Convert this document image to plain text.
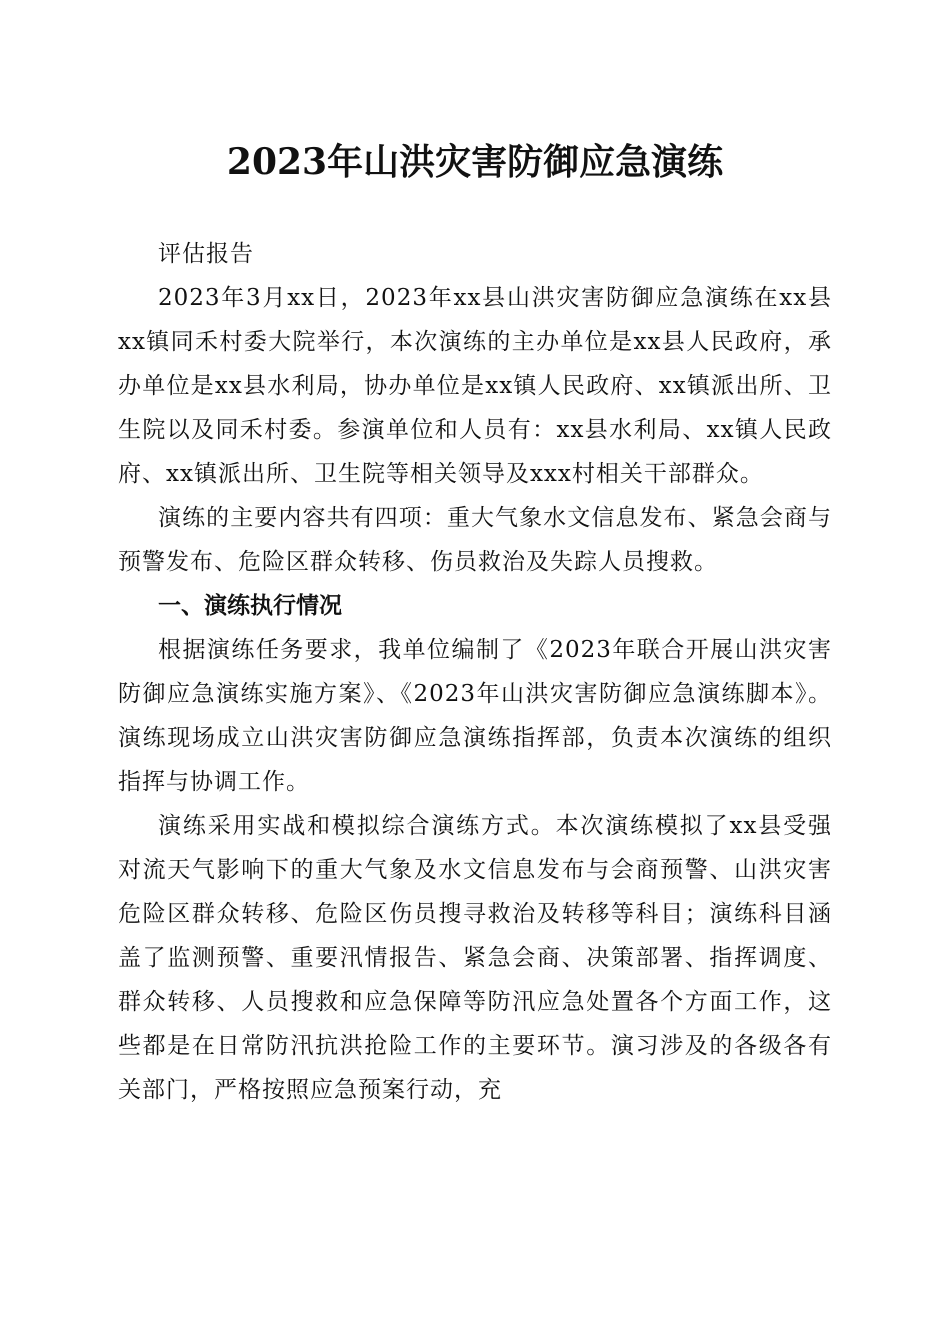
2023年山洪灾害防御应急演练

评估报告

2023年3月xx日，2023年xx县山洪灾害防御应急演练在xx县xx镇同禾村委大院举行，本次演练的主办单位是xx县人民政府，承办单位是xx县水利局，协办单位是xx镇人民政府、xx镇派出所、卫生院以及同禾村委。参演单位和人员有：xx县水利局、xx镇人民政府、xx镇派出所、卫生院等相关领导及xxx村相关干部群众。

演练的主要内容共有四项：重大气象水文信息发布、紧急会商与预警发布、危险区群众转移、伤员救治及失踪人员搜救。

一、演练执行情况

根据演练任务要求，我单位编制了《2023年联合开展山洪灾害防御应急演练实施方案》、《2023年山洪灾害防御应急演练脚本》。演练现场成立山洪灾害防御应急演练指挥部，负责本次演练的组织指挥与协调工作。

演练采用实战和模拟综合演练方式。本次演练模拟了xx县受强对流天气影响下的重大气象及水文信息发布与会商预警、山洪灾害危险区群众转移、危险区伤员搜寻救治及转移等科目；演练科目涵盖了监测预警、重要汛情报告、紧急会商、决策部署、指挥调度、群众转移、人员搜救和应急保障等防汛应急处置各个方面工作，这些都是在日常防汛抗洪抢险工作的主要环节。演习涉及的各级各有关部门，严格按照应急预案行动，充
